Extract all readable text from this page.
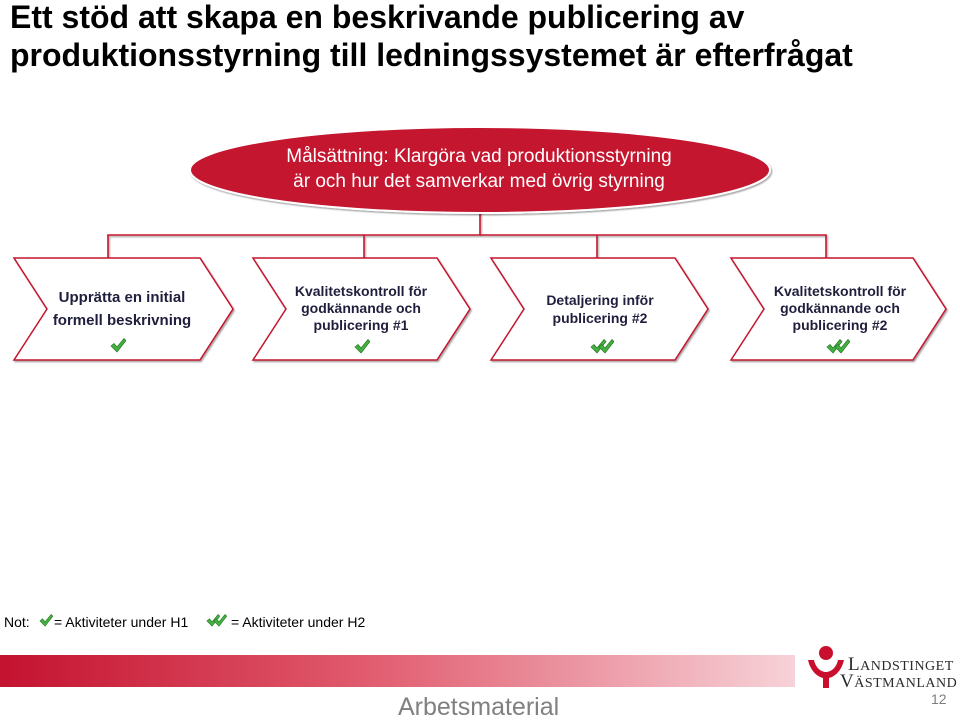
Ett stöd att skapa en beskrivande publicering av
produktionsstyrning till ledningssystemet är efterfrågat
Målsättning: Klargöra vad produktionsstyrning
är och hur det samverkar med övrig styrning
Upprätta en initial
formell beskrivning
Kvalitetskontroll för
godkännande och
publicering #1
Detaljering inför
publicering #2
Kvalitetskontroll för
godkännande och
publicering #2
Not: = Aktiviteter under H1	= Aktiviteter under H2
LANDSTINGET
VÄSTMANLAND
12
Arbetsmaterial
